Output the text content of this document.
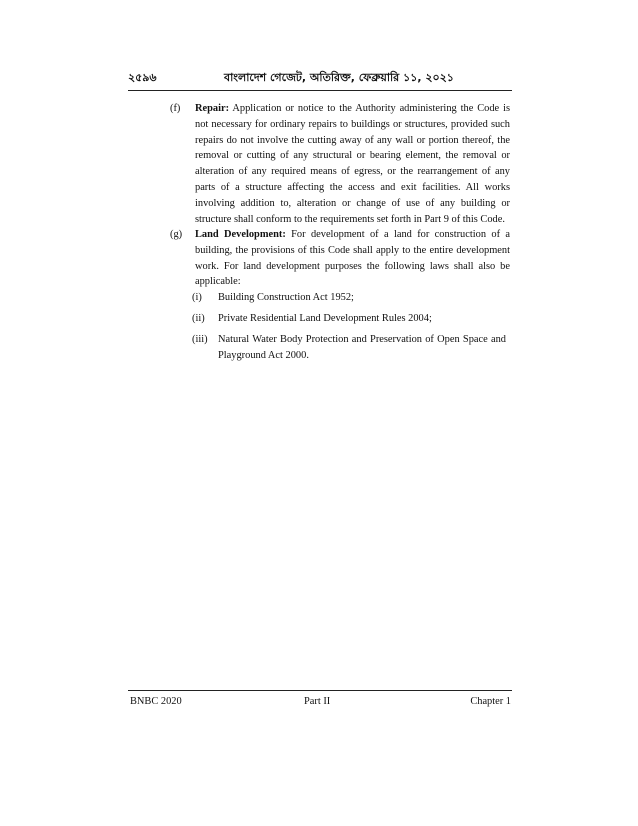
২৫৯৬	বাংলাদেশ গেজেট, অতিরিক্ত, ফেব্রুয়ারি ১১, ২০২১
(f) Repair: Application or notice to the Authority administering the Code is not necessary for ordinary repairs to buildings or structures, provided such repairs do not involve the cutting away of any wall or portion thereof, the removal or cutting of any structural or bearing element, the removal or alteration of any required means of egress, or the rearrangement of any parts of a structure affecting the access and exit facilities. All works involving addition to, alteration or change of use of any building or structure shall conform to the requirements set forth in Part 9 of this Code.
(g) Land Development: For development of a land for construction of a building, the provisions of this Code shall apply to the entire development work. For land development purposes the following laws shall also be applicable:
(i) Building Construction Act 1952;
(ii) Private Residential Land Development Rules 2004;
(iii) Natural Water Body Protection and Preservation of Open Space and Playground Act 2000.
BNBC 2020	Part II	Chapter 1
